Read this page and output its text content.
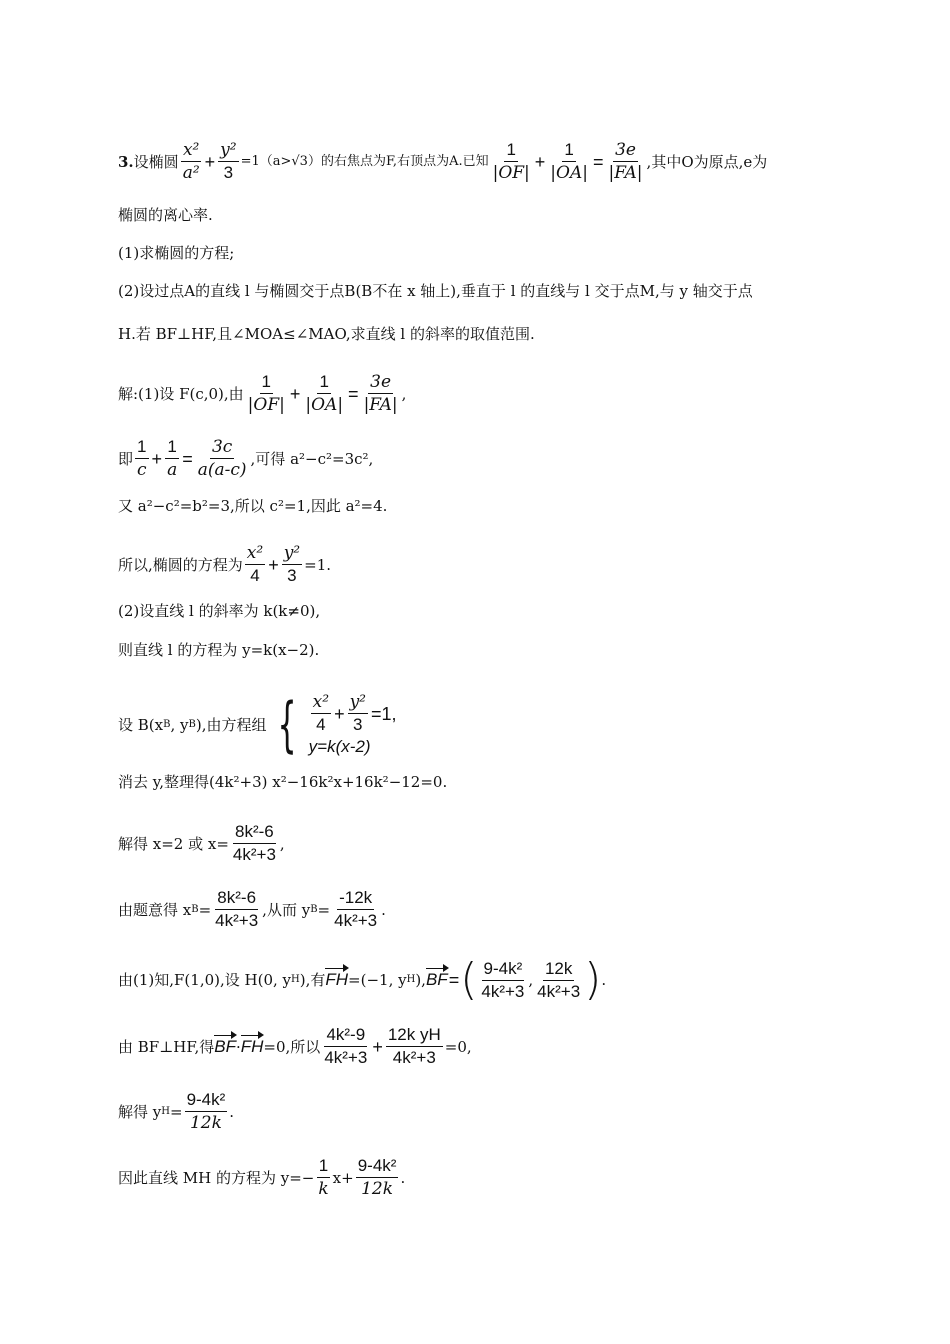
3. 设椭圆 $\frac{\text{x²}}{\text{a²}} + \frac{\text{y²}}{3} =1(a>√3)$的右焦点为F,右顶点为A.已知 $\frac{1}{|OF|} + \frac{1}{|OA|} = \frac{3e}{|FA|}$ ,其中O为原点,e为
椭圆的离心率.
(1)求椭圆的方程;
(2)设过点A的直线 l 与椭圆交于点B(B不在 x 轴上),垂直于 l 的直线与 l 交于点M,与 y 轴交于点
H.若 BF⊥HF,且∠MOA≤∠MAO,求直线 l 的斜率的取值范围.
解:(1)设 F(c,0),由 $\frac{1}{|OF|} + \frac{1}{|OA|} = \frac{3e}{|FA|}$ ,
即 $\frac{1}{c} + \frac{1}{a} = \frac{3c}{a(a-c)}$ ,可得 a²−c²=3c²,
又 a²−c²=b²=3,所以 c²=1,因此 a²=4.
所以,椭圆的方程为 $\frac{\text{x²}}{4} + \frac{\text{y²}}{3} =1$.
(2)设直线 l 的斜率为 k(k≠0),
则直线 l 的方程为 y=k(x−2).
设 B(x B , y B ),由方程组 { $\frac{\text{x²}}{4} + \frac{\text{y²}}{3} =1$,
y=k(x-2)
消去 y,整理得(4k²+3) x²−16k²x+16k²−12=0.
解得 x=2 或 $x= \frac{\text{8k²-6}}{\text{4k²+3}}$ ,
由题意得 x $B = \frac{\text{8k²-6}}{\text{4k²+3}}$ ,从而 y $B = \frac{-12k}{\text{4k²+3}}$ .
由(1)知,F(1,0),设 H(0, y H ),有 FH =(−1, y H ), BF = ( $\frac{\text{9-4k²}}{\text{4k²+3}}$ , $\frac{12k}{\text{4k²+3}}$ ) .
由 BF⊥HF,得 BF · FH =0,所以 $\frac{\text{4k²-9}}{\text{4k²+3}} + \frac{\text{12k yH}}{\text{4k²+3}} =0$,
解得 y $H = \frac{\text{9-4k²}}{12k}$ .
因此直线 MH 的方程为 $y=- \frac{1}{k} x+ \frac{\text{9-4k²}}{12k}$ .
